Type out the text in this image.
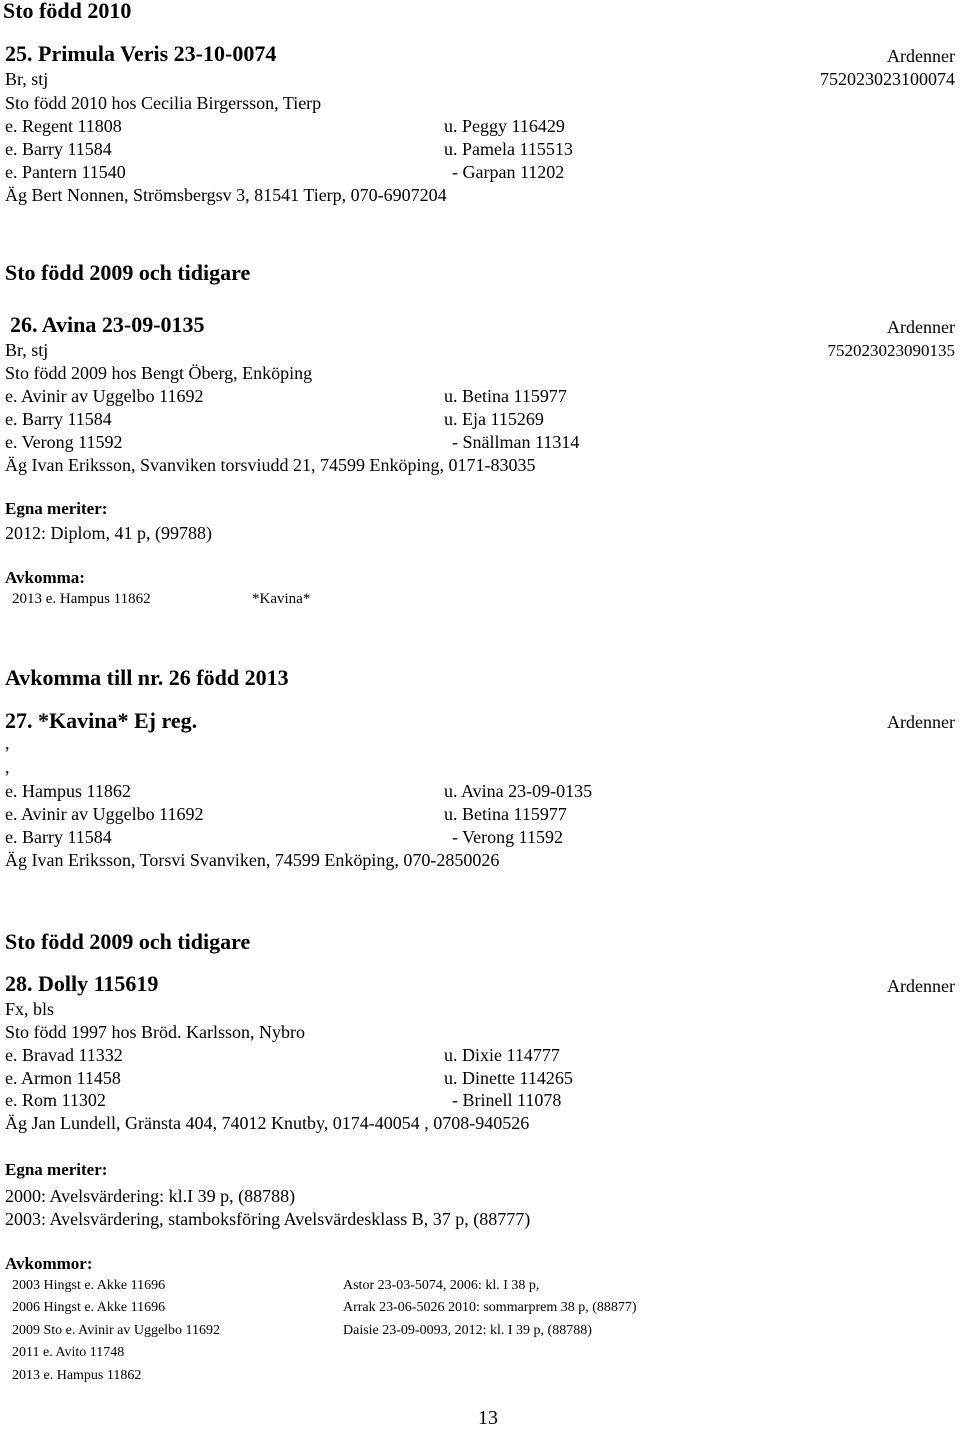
Sto född 2010
25. Primula Veris 23-10-0074	Ardenner
Br, stj	752023023100074
Sto född 2010 hos Cecilia Birgersson, Tierp
e. Regent 11808	u. Peggy 116429
e. Barry 11584	u. Pamela 115513
e. Pantern 11540	- Garpan 11202
Äg Bert Nonnen, Strömsbergsv 3, 81541 Tierp, 070-6907204
Sto född 2009 och tidigare
26. Avina 23-09-0135	Ardenner
Br, stj	752023023090135
Sto född 2009 hos Bengt Öberg, Enköping
e. Avinir av Uggelbo 11692	u. Betina 115977
e. Barry 11584	u. Eja 115269
e. Verong 11592	- Snällman 11314
Äg Ivan Eriksson, Svanviken torsviudd 21, 74599 Enköping, 0171-83035
Egna meriter:
2012: Diplom, 41 p, (99788)
Avkomma:
2013 e. Hampus 11862	*Kavina*
Avkomma till nr. 26 född 2013
27. *Kavina* Ej reg.	Ardenner
,
,
e. Hampus 11862	u. Avina 23-09-0135
e. Avinir av Uggelbo 11692	u. Betina 115977
e. Barry 11584	- Verong 11592
Äg Ivan Eriksson, Torsvi Svanviken, 74599 Enköping, 070-2850026
Sto född 2009 och tidigare
28. Dolly 115619	Ardenner
Fx, bls
Sto född 1997 hos Bröd. Karlsson, Nybro
e. Bravad 11332	u. Dixie 114777
e. Armon 11458	u. Dinette 114265
e. Rom 11302	- Brinell 11078
Äg Jan Lundell, Gränsta 404, 74012 Knutby, 0174-40054 , 0708-940526
Egna meriter:
2000: Avelsvärdering: kl.I 39 p, (88788)
2003: Avelsvärdering, stamboksföring Avelsvärdesklass B, 37 p, (88777)
Avkommor:
2003 Hingst e. Akke 11696	Astor 23-03-5074, 2006: kl. I 38 p,
2006 Hingst e. Akke 11696	Arrak 23-06-5026 2010: sommarprem 38 p, (88877)
2009 Sto e. Avinir av Uggelbo 11692	Daisie 23-09-0093, 2012: kl. I 39 p, (88788)
2011 e. Avito 11748
2013 e. Hampus 11862
13
